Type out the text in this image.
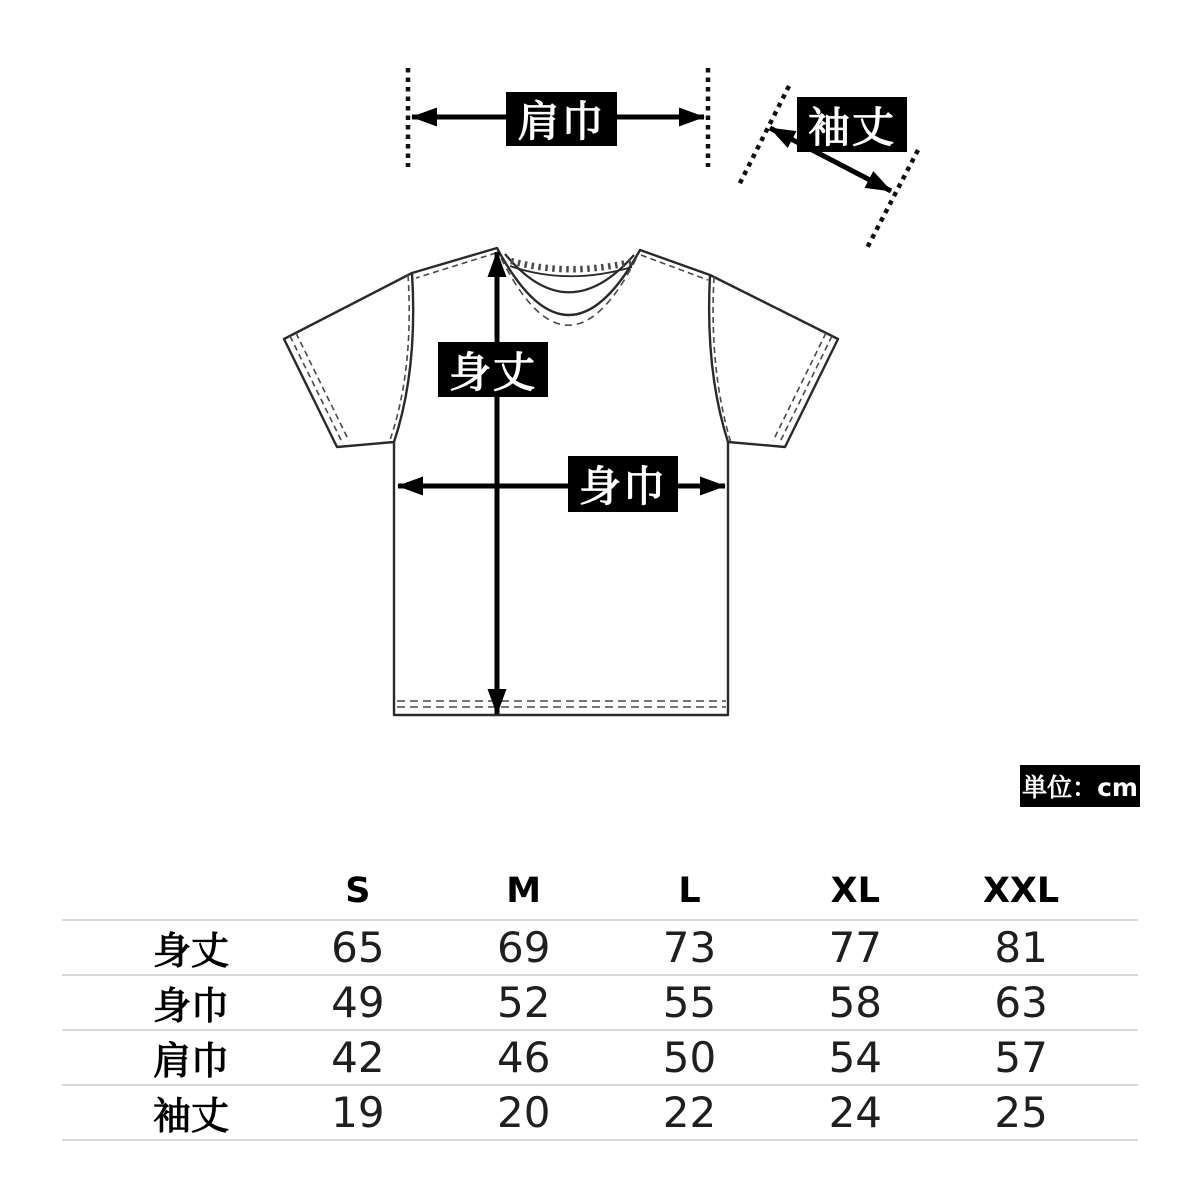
肩巾	袖丈
身丈
身巾
単位：cm
S	M	L	XL	XXL
身丈	65	69	73	77	81
身巾	49	52	55	58	63
肩巾	42	46	50	54	57
袖丈	19	20	22	24	25
